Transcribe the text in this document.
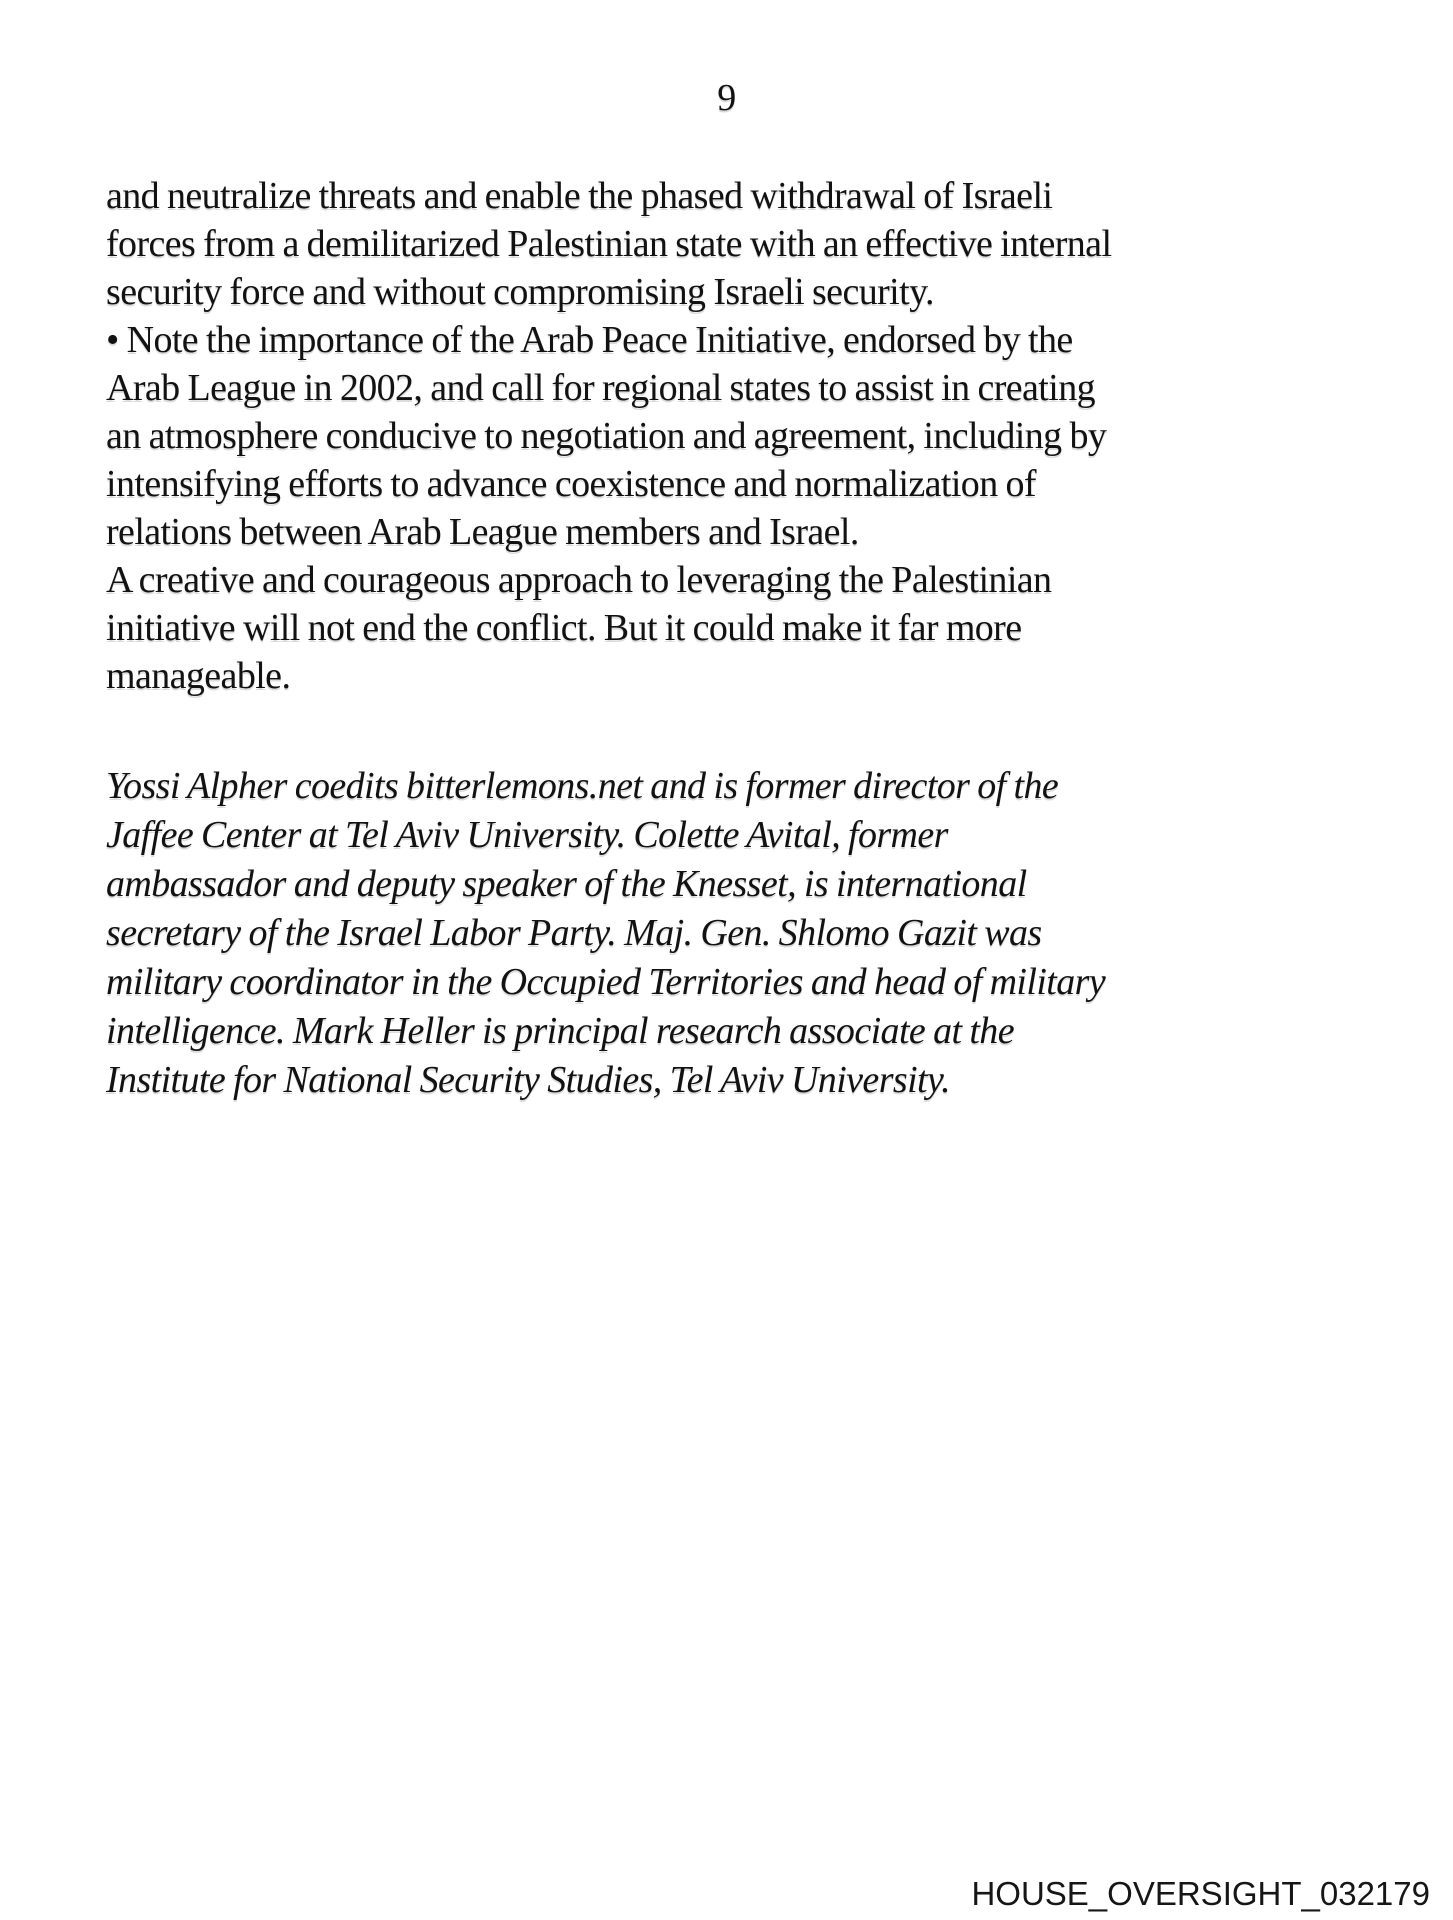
9
and neutralize threats and enable the phased withdrawal of Israeli
forces from a demilitarized Palestinian state with an effective internal
security force and without compromising Israeli security.
• Note the importance of the Arab Peace Initiative, endorsed by the
Arab League in 2002, and call for regional states to assist in creating
an atmosphere conducive to negotiation and agreement, including by
intensifying efforts to advance coexistence and normalization of
relations between Arab League members and Israel.
A creative and courageous approach to leveraging the Palestinian
initiative will not end the conflict. But it could make it far more
manageable.
Yossi Alpher coedits bitterlemons.net and is former director of the
Jaffee Center at Tel Aviv University. Colette Avital, former
ambassador and deputy speaker of the Knesset, is international
secretary of the Israel Labor Party. Maj. Gen. Shlomo Gazit was
military coordinator in the Occupied Territories and head of military
intelligence. Mark Heller is principal research associate at the
Institute for National Security Studies, Tel Aviv University.
HOUSE_OVERSIGHT_032179
